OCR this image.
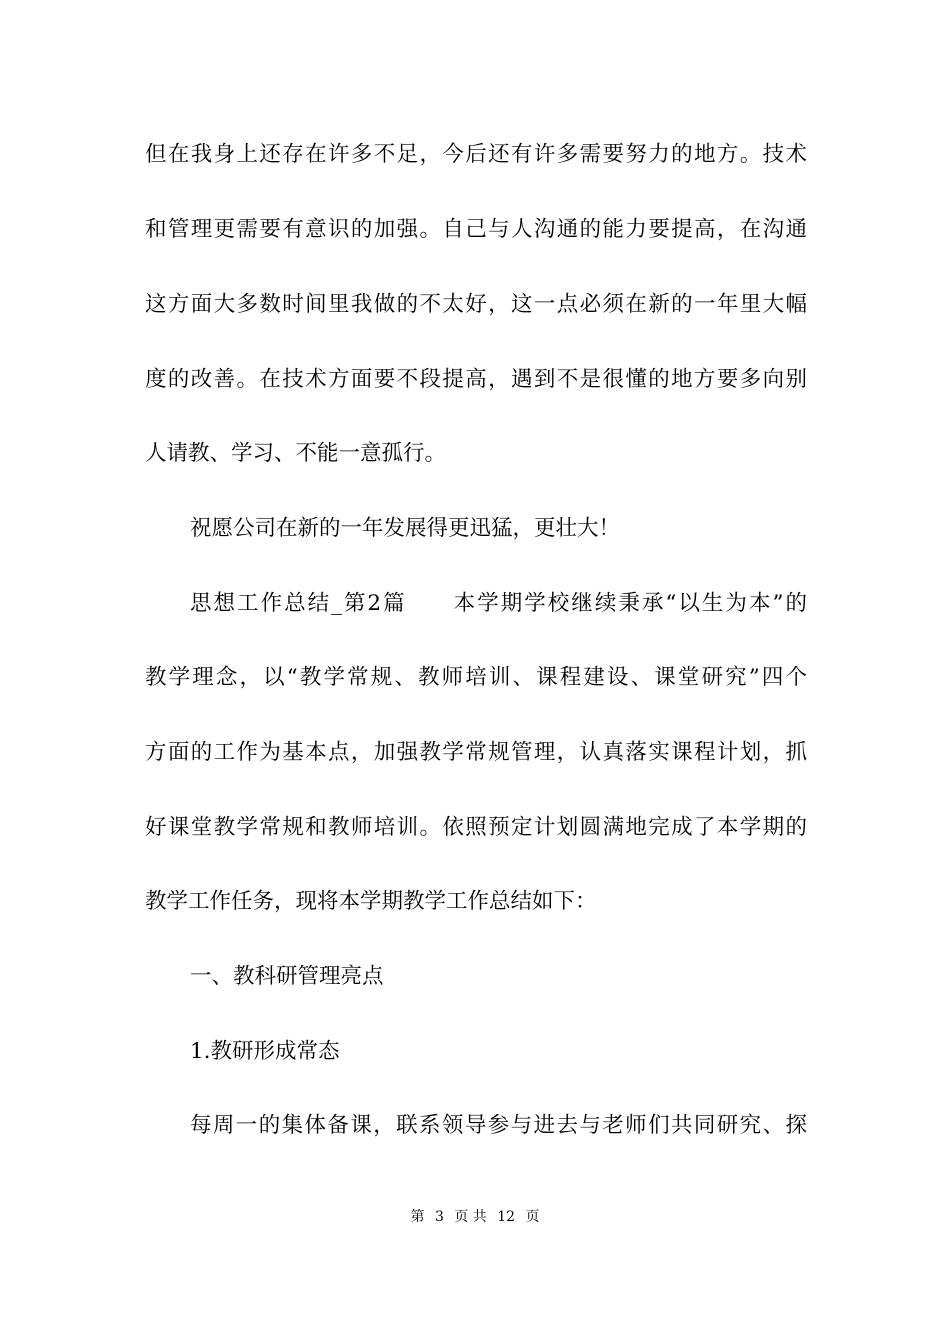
但在我身上还存在许多不足，今后还有许多需要努力的地方。技术
和管理更需要有意识的加强。自己与人沟通的能力要提高，在沟通
这方面大多数时间里我做的不太好，这一点必须在新的一年里大幅
度的改善。在技术方面要不段提高，遇到不是很懂的地方要多向别
人请教、学习、不能一意孤行。
祝愿公司在新的一年发展得更迅猛，更壮大！
思想工作总结_第2篇　　本学期学校继续秉承“以生为本”的
教学理念，以“教学常规、教师培训、课程建设、课堂研究”四个
方面的工作为基本点，加强教学常规管理，认真落实课程计划，抓
好课堂教学常规和教师培训。依照预定计划圆满地完成了本学期的
教学工作任务，现将本学期教学工作总结如下：
一、教科研管理亮点
1.教研形成常态
每周一的集体备课，联系领导参与进去与老师们共同研究、探
第 3 页 共 12 页
